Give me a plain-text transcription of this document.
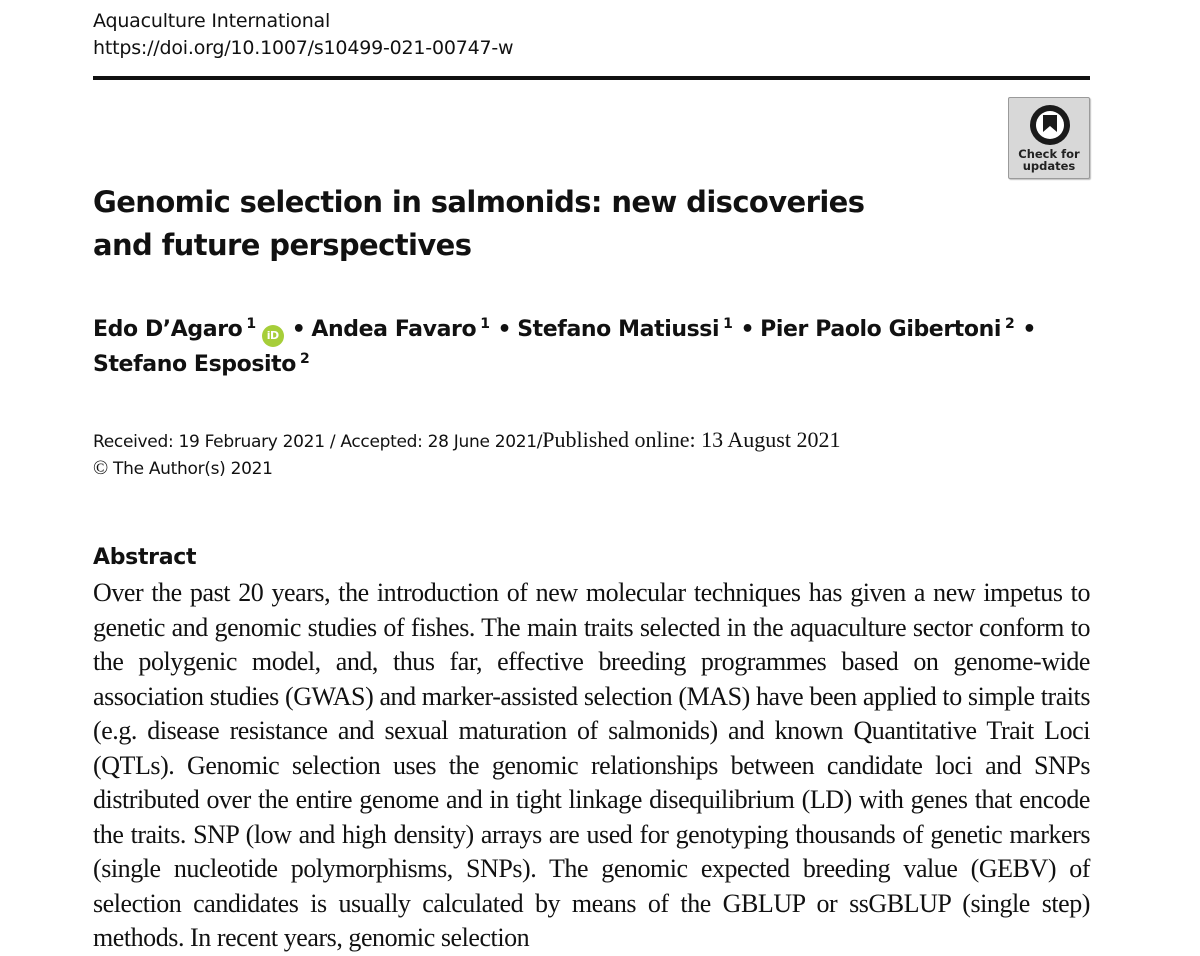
Aquaculture International
https://doi.org/10.1007/s10499-021-00747-w
Check for
updates
Genomic selection in salmonids: new discoveries
and future perspectives
Edo D’Agaro $^1$iD • Andea Favaro $^1$ • Stefano Matiussi $^1$ • Pier Paolo Gibertoni $^2$ •
Stefano Esposito $^2$
Received: 19 February 2021 / Accepted: 28 June 2021/Published online: 13 August 2021
© The Author(s) 2021
Abstract

Over the past 20 years, the introduction of new molecular techniques has given a new impetus to genetic and genomic studies of fishes. The main traits selected in the aquaculture sector conform to the polygenic model, and, thus far, effective breeding programmes based on genome-wide association studies (GWAS) and marker-assisted selection (MAS) have been applied to simple traits (e.g. disease resistance and sexual maturation of salmonids) and known Quantitative Trait Loci (QTLs). Genomic selection uses the genomic relationships between candidate loci and SNPs distributed over the entire genome and in tight linkage disequilibrium (LD) with genes that encode the traits. SNP (low and high density) arrays are used for genotyping thousands of genetic markers (single nucleotide polymorphisms, SNPs). The genomic expected breeding value (GEBV) of selection candidates is usually calculated by means of the GBLUP or ssGBLUP (single step) methods. In recent years, genomic selection
